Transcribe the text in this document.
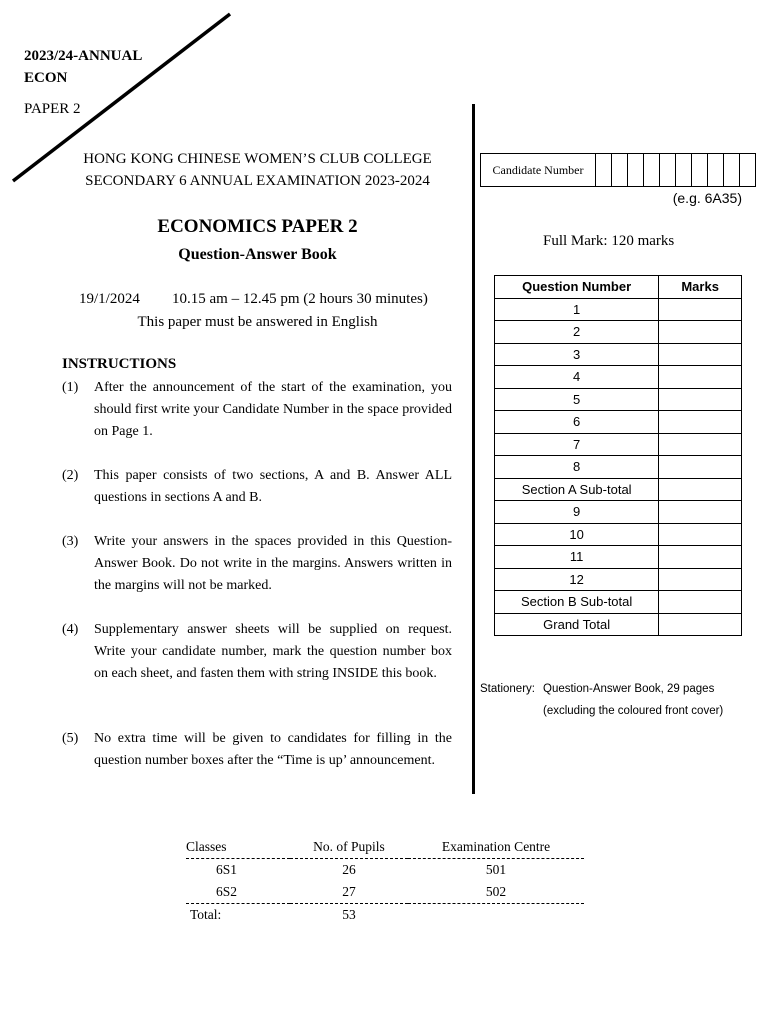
2023/24-ANNUAL
ECON
PAPER 2
HONG KONG CHINESE WOMEN’S CLUB COLLEGE
SECONDARY 6 ANNUAL EXAMINATION 2023-2024
ECONOMICS PAPER 2
Question-Answer Book
19/1/2024 10.15 am – 12.45 pm (2 hours 30 minutes)
This paper must be answered in English
INSTRUCTIONS
(1) After the announcement of the start of the examination, you should first write your Candidate Number in the space provided on Page 1.
(2) This paper consists of two sections, A and B. Answer ALL questions in sections A and B.
(3) Write your answers in the spaces provided in this Question-Answer Book. Do not write in the margins. Answers written in the margins will not be marked.
(4) Supplementary answer sheets will be supplied on request. Write your candidate number, mark the question number box on each sheet, and fasten them with string INSIDE this book.
(5) No extra time will be given to candidates for filling in the question number boxes after the “Time is up’ announcement.
Candidate Number										
(e.g. 6A35)
Full Mark: 120 marks
Question Number	Marks
1	
2	
3	
4	
5	
6	
7	
8	
Section A Sub-total	
9	
10	
11	
12	
Section B Sub-total	
Grand Total	
Stationery: Question-Answer Book, 29 pages
(excluding the coloured front cover)
Classes	No. of Pupils	Examination Centre
6S1	26	501
6S2	27	502
Total:	53	
